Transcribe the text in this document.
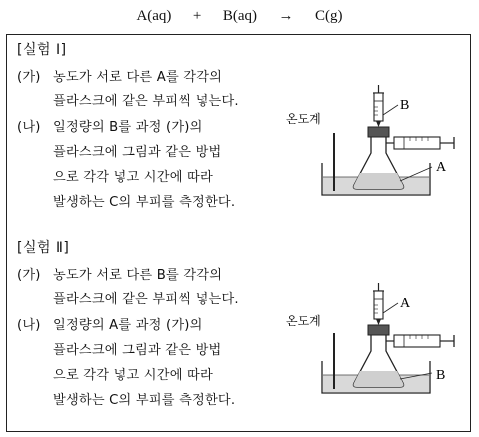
A(aq) + B(aq) → C(g)
[실험 Ⅰ]
(가) 농도가 서로 다른 A를 각각의
플라스크에 같은 부피씩 넣는다.
(나) 일정량의 B를 과정 (가)의
플라스크에 그림과 같은 방법
으로 각각 넣고 시간에 따라
발생하는 C의 부피를 측정한다.
온도계
B
A
[실험 Ⅱ]
(가) 농도가 서로 다른 B를 각각의
플라스크에 같은 부피씩 넣는다.
(나) 일정량의 A를 과정 (가)의
플라스크에 그림과 같은 방법
으로 각각 넣고 시간에 따라
발생하는 C의 부피를 측정한다.
온도계
A
B
